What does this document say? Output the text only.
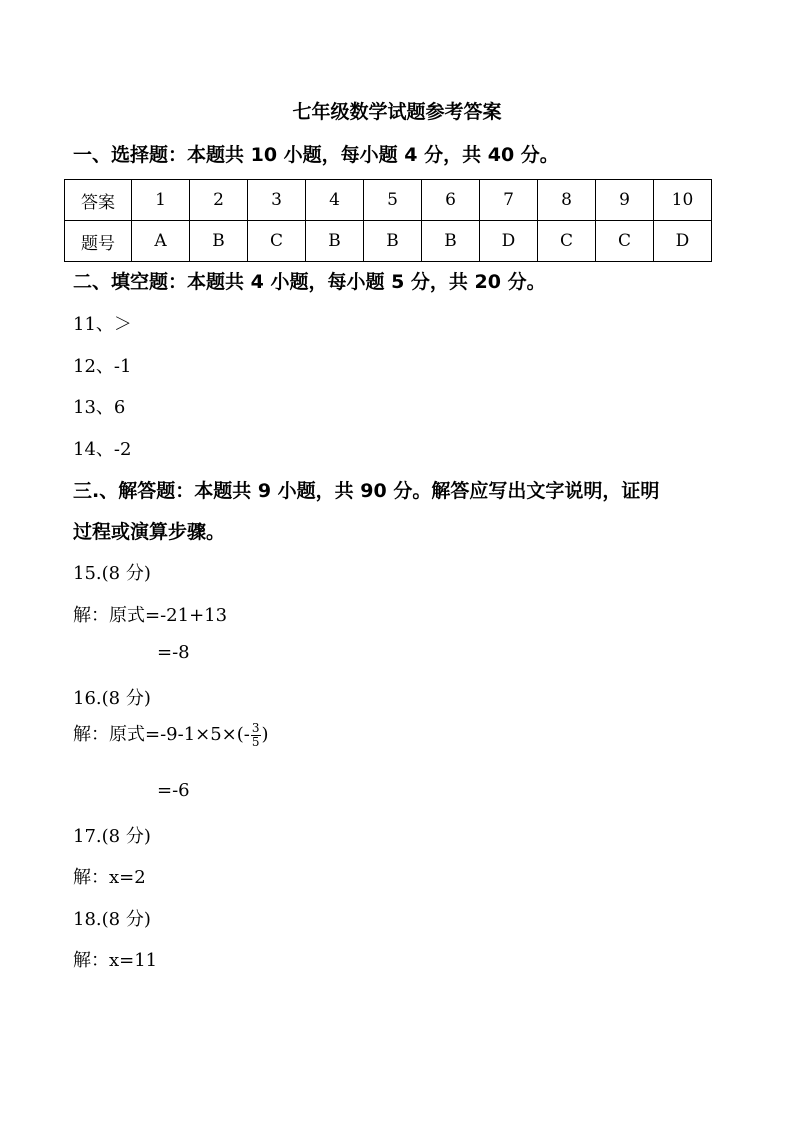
七年级数学试题参考答案
一、选择题：本题共 10 小题，每小题 4 分，共 40 分。
答案	1	2	3	4	5	6	7	8	9	10
题号	A	B	C	B	B	B	D	C	C	D
二、填空题：本题共 4 小题，每小题 5 分，共 20 分。
11、＞
12、-1
13、6
14、-2
三.、解答题：本题共 9 小题，共 90 分。解答应写出文字说明，证明
过程或演算步骤。
15.(8 分)
解：原式=-21+13
=-8
16.(8 分)
解：原式$=-9-1\times 5\times(- \frac{3}{5}$ )
=-6
17.(8 分)
解：x=2
18.(8 分)
解：x=11
